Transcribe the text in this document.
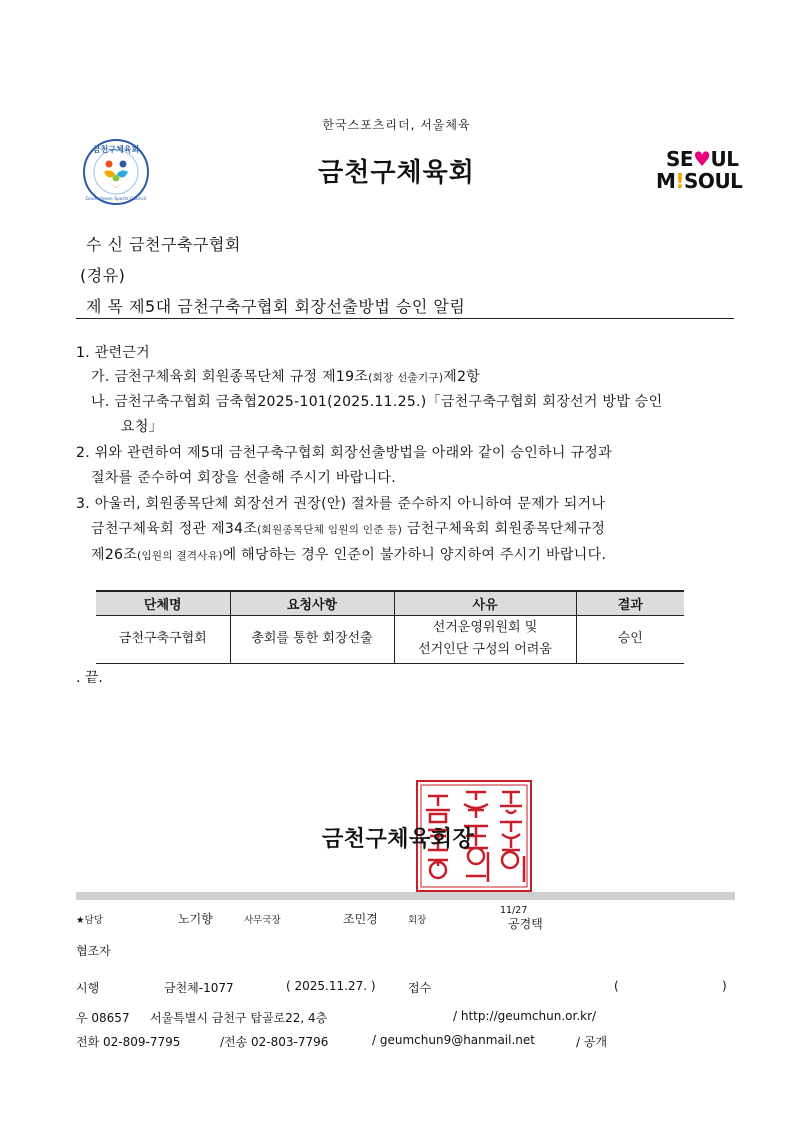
한국스포츠리더, 서울체육
금천구체육회
Geumcheon Sports Council
금천구체육회	SE♥UL
M!SOUL
수 신 금천구축구협회
(경유)
제 목 제5대 금천구축구협회 회장선출방법 승인 알림
1. 관련근거
가. 금천구체육회 회원종목단체 규정 제19조(회장 선출기구)제2항
나. 금천구축구협회 금축협2025-101(2025.11.25.)「금천구축구협회 회장선거 방밥 승인
요청」
2. 위와 관련하여 제5대 금천구축구협회 회장선출방법을 아래와 같이 승인하니 규정과
절차를 준수하여 회장을 선출해 주시기 바랍니다.
3. 아울러, 회원종목단체 회장선거 권장(안) 절차를 준수하지 아니하여 문제가 되거나
금천구체육회 정관 제34조(회원종목단체 임원의 인준 등) 금천구체육회 회원종목단체규정
제26조(임원의 결격사유)에 해당하는 경우 인준이 불가하니 양지하여 주시기 바랍니다.
단체명	요청사항	사유	결과
금천구축구협회	총회를 통한 회장선출	선거운영위원회 및
선거인단 구성의 어려움	승인
. 끝.
금천구체육회장
★담당	노기향	사무국장	조민경	회장
11/27
공경택
협조자
시행	금천체-1077	( 2025.11.27. )	접수	(	)
우 08657 서울특별시 금천구 탑골로22, 4층	/ http://geumchun.or.kr/
전화 02-809-7795	/전송 02-803-7796	/ geumchun9@hanmail.net	/ 공개
